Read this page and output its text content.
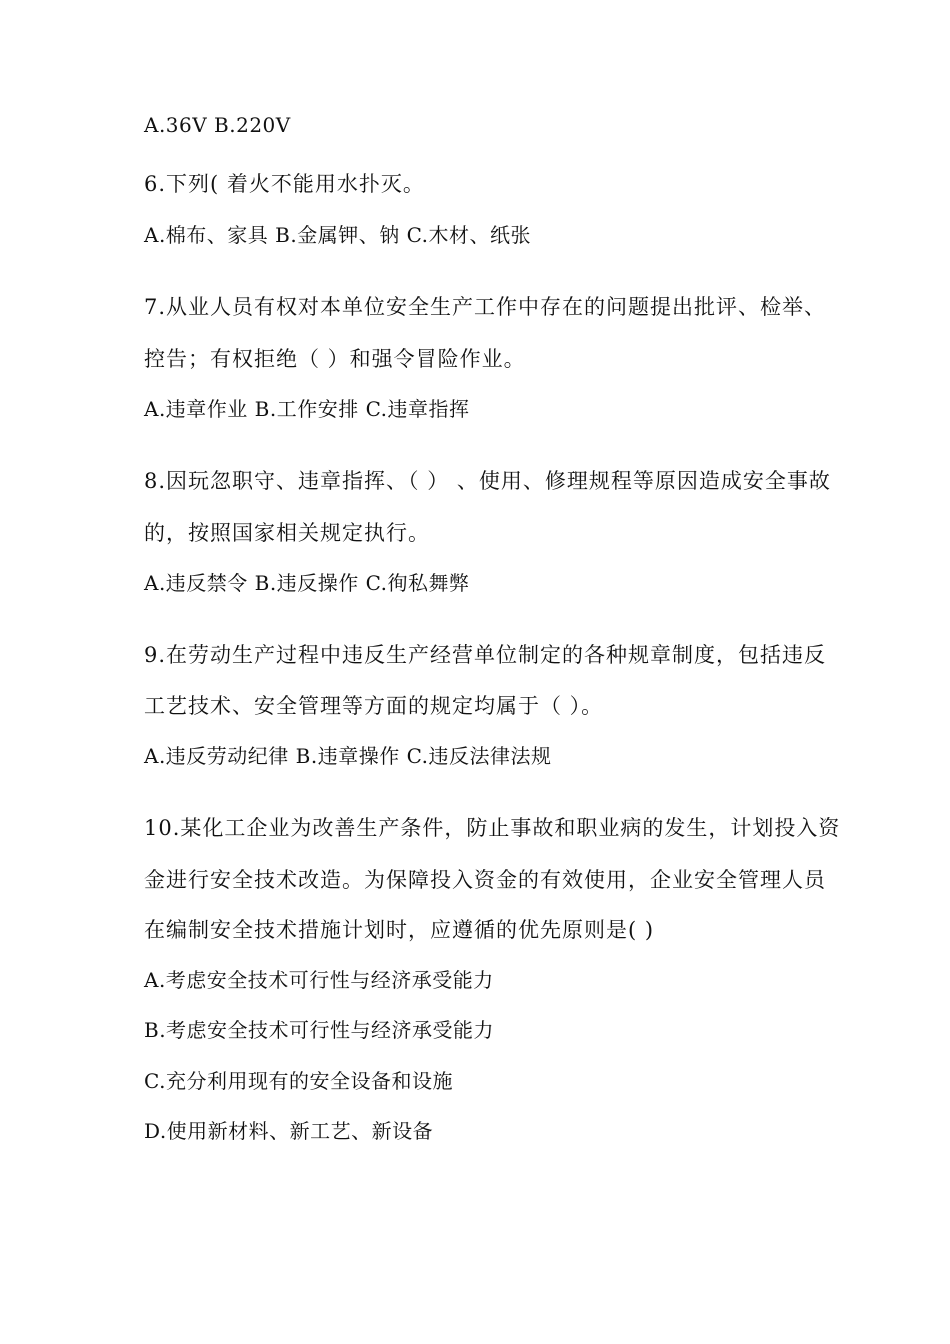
A.36V B.220V
6.下列( 着火不能用水扑灭。
A.棉布、家具 B.金属钾、钠 C.木材、纸张
7.从业人员有权对本单位安全生产工作中存在的问题提出批评、检举、
控告；有权拒绝（ ）和强令冒险作业。
A.违章作业 B.工作安排 C.违章指挥
8.因玩忽职守、违章指挥、（ ） 、使用、修理规程等原因造成安全事故
的，按照国家相关规定执行。
A.违反禁令 B.违反操作 C.徇私舞弊
9.在劳动生产过程中违反生产经营单位制定的各种规章制度，包括违反
工艺技术、安全管理等方面的规定均属于（ ）。
A.违反劳动纪律 B.违章操作 C.违反法律法规
10.某化工企业为改善生产条件，防止事故和职业病的发生，计划投入资
金进行安全技术改造。为保障投入资金的有效使用，企业安全管理人员
在编制安全技术措施计划时，应遵循的优先原则是( )
A.考虑安全技术可行性与经济承受能力
B.考虑安全技术可行性与经济承受能力
C.充分利用现有的安全设备和设施
D.使用新材料、新工艺、新设备
